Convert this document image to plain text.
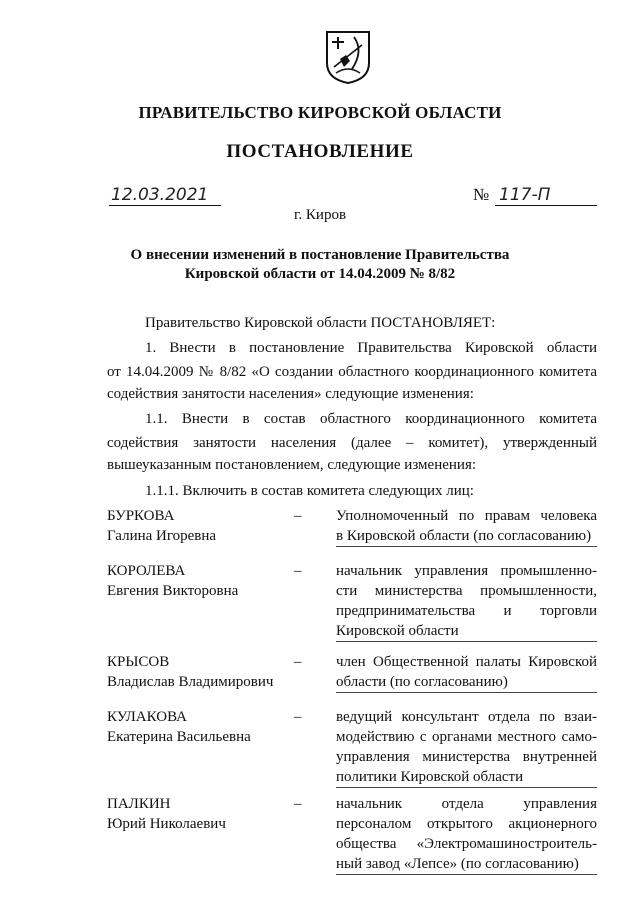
ПРАВИТЕЛЬСТВО КИРОВСКОЙ ОБЛАСТИ
ПОСТАНОВЛЕНИЕ
12.03.2021	№ 117-П
г. Киров
О внесении изменений в постановление Правительства
Кировской области от 14.04.2009 № 8/82
Правительство Кировской области ПОСТАНОВЛЯЕТ:
1. Внести в постановление Правительства Кировской области
от 14.04.2009 № 8/82 «О создании областного координационного комитета
содействия занятости населения» следующие изменения:
1.1. Внести в состав областного координационного комитета
содействия занятости населения (далее – комитет), утвержденный
вышеуказанным постановлением, следующие изменения:
1.1.1. Включить в состав комитета следующих лиц:
БУРКОВА
Галина Игоревна
– Уполномоченный по правам человека
в Кировской области (по согласованию)
КОРОЛЕВА
Евгения Викторовна
– начальник управления промышленно-
сти министерства промышленности,
предпринимательства и торговли
Кировской области
КРЫСОВ
Владислав Владимирович
– член Общественной палаты Кировской
области (по согласованию)
КУЛАКОВА
Екатерина Васильевна
– ведущий консультант отдела по взаи-
модействию с органами местного само-
управления министерства внутренней
политики Кировской области
ПАЛКИН
Юрий Николаевич
– начальник отдела управления
персоналом открытого акционерного
общества «Электромашиностроитель-
ный завод «Лепсе» (по согласованию)
